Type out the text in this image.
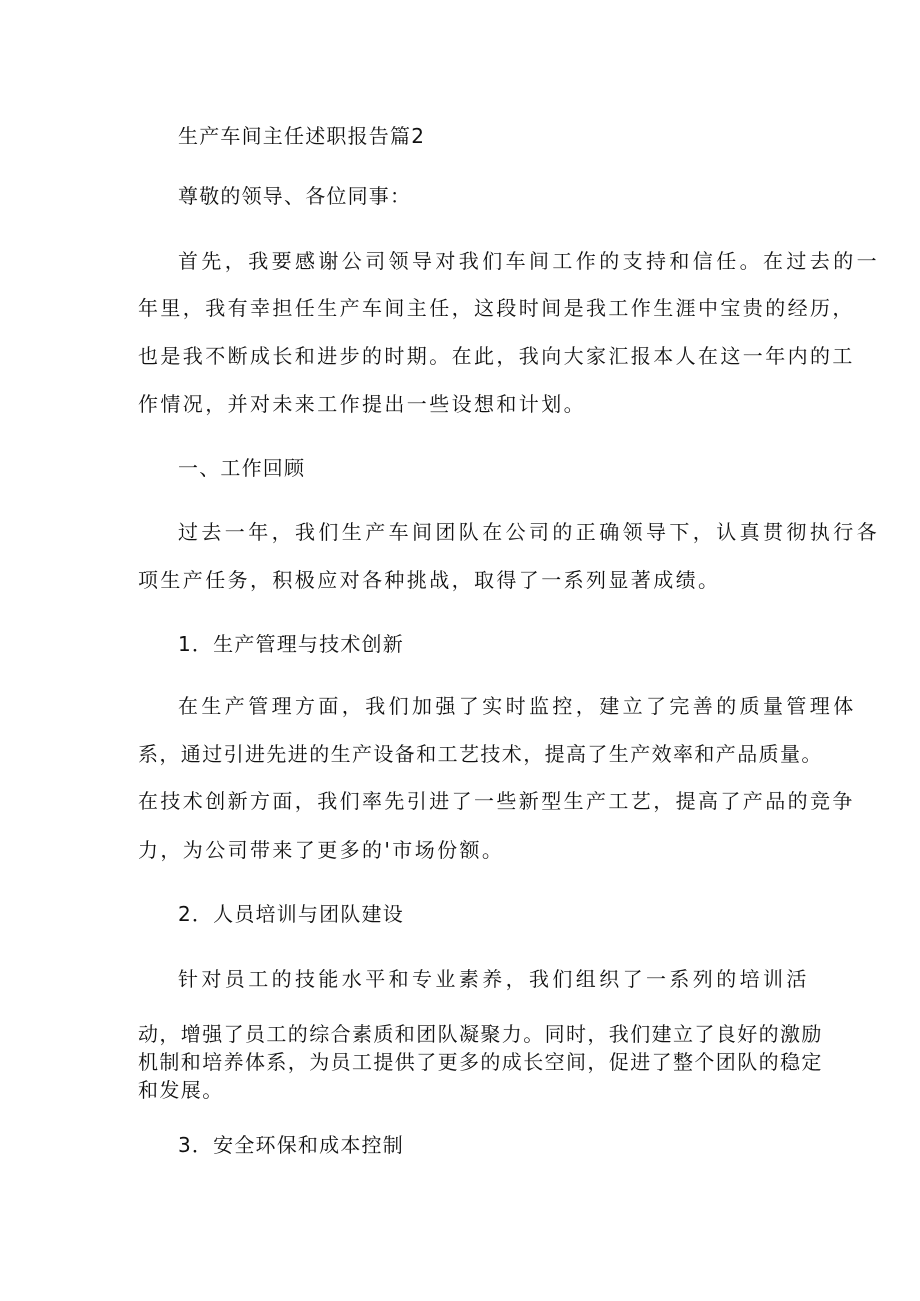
生产车间主任述职报告篇2
尊敬的领导、各位同事：
首先，我要感谢公司领导对我们车间工作的支持和信任。在过去的一
年里，我有幸担任生产车间主任，这段时间是我工作生涯中宝贵的经历，
也是我不断成长和进步的时期。在此，我向大家汇报本人在这一年内的工
作情况，并对未来工作提出一些设想和计划。
一、工作回顾
过去一年，我们生产车间团队在公司的正确领导下，认真贯彻执行各
项生产任务，积极应对各种挑战，取得了一系列显著成绩。
1．生产管理与技术创新
在生产管理方面，我们加强了实时监控，建立了完善的质量管理体
系，通过引进先进的生产设备和工艺技术，提高了生产效率和产品质量。
在技术创新方面，我们率先引进了一些新型生产工艺，提高了产品的竞争
力，为公司带来了更多的'市场份额。
2．人员培训与团队建设
针对员工的技能水平和专业素养，我们组织了一系列的培训活
动，增强了员工的综合素质和团队凝聚力。同时，我们建立了良好的激励
机制和培养体系，为员工提供了更多的成长空间，促进了整个团队的稳定
和发展。
3．安全环保和成本控制
